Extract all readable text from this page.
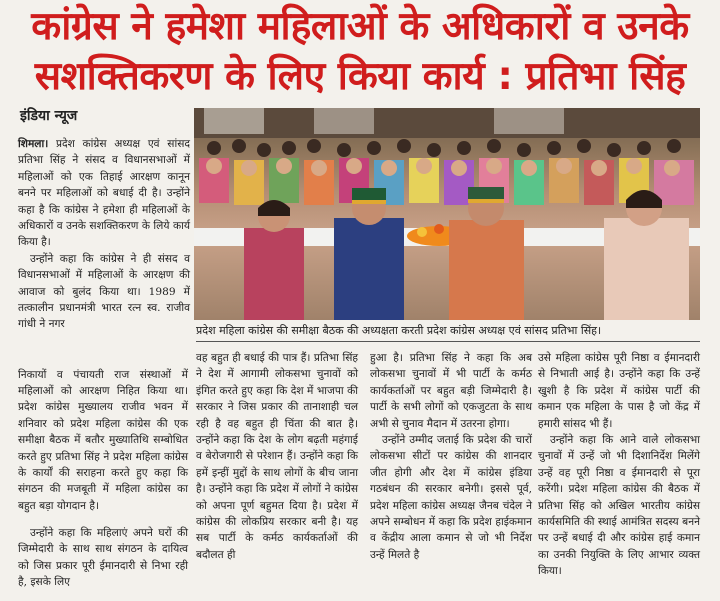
कांग्रेस ने हमेशा महिलाओं के अधिकारों व उनके
सशक्तिकरण के लिए किया कार्य : प्रतिभा सिंह
इंडिया न्यूज

शिमला। प्रदेश कांग्रेस अध्यक्ष एवं सांसद प्रतिभा सिंह ने संसद व विधानसभाओं में महिलाओं को एक तिहाई आरक्षण कानून बनने पर महिलाओं को बधाई दी है। उन्होंने कहा है कि कांग्रेस ने हमेशा ही महिलाओं के अधिकारों व उनके सशक्तिकरण के लिये कार्य किया है।

उन्होंने कहा कि कांग्रेस ने ही संसद व विधानसभाओं में महिलाओं के आरक्षण की आवाज को बुलंद किया था। 1989 में तत्कालीन प्रधानमंत्री भारत रत्न स्व. राजीव गांधी ने नगर	प्रदेश महिला कांग्रेस की समीक्षा बैठक की अध्यक्षता करती प्रदेश कांग्रेस अध्यक्ष एवं सांसद प्रतिभा सिंह।

निकायों व पंचायती राज संस्थाओं में महिलाओं को आरक्षण निहित किया था। प्रदेश कांग्रेस मुख्यालय राजीव भवन में शनिवार को प्रदेश महिला कांग्रेस की एक समीक्षा बैठक में बतौर मुख्यातिथि सम्बोधित करते हुए प्रतिभा सिंह ने प्रदेश महिला कांग्रेस के कार्यों की सराहना करते हुए कहा कि संगठन की मजबूती में महिला कांग्रेस का बहुत बड़ा योगदान है।

उन्होंने कहा कि महिलाएं अपने घरों की जिम्मेदारी के साथ साथ संगठन के दायित्व को जिस प्रकार पूरी ईमानदारी से निभा रही है, इसके लिए

वह बहुत ही बधाई की पात्र हैं। प्रतिभा सिंह ने देश में आगामी लोकसभा चुनावों को इंगित करते हुए कहा कि देश में भाजपा की सरकार ने जिस प्रकार की तानाशाही चल रही है वह बहुत ही चिंता की बात है। उन्होंने कहा कि देश के लोग बढ़ती महंगाई व बेरोजगारी से परेशान हैं। उन्होंने कहा कि हमें इन्हीं मुद्दों के साथ लोगों के बीच जाना है। उन्होंने कहा कि प्रदेश में लोगों ने कांग्रेस को अपना पूर्ण बहुमत दिया है। प्रदेश में कांग्रेस की लोकप्रिय सरकार बनी है। यह सब पार्टी के कर्मठ कार्यकर्ताओं की बदौलत ही

हुआ है। प्रतिभा सिंह ने कहा कि अब लोकसभा चुनावों में भी पार्टी के कर्मठ कार्यकर्ताओं पर बहुत बड़ी जिम्मेदारी है। पार्टी के सभी लोगों को एकजुटता के साथ अभी से चुनाव मैदान में उतरना होगा।

उन्होंने उम्मीद जताई कि प्रदेश की चारों लोकसभा सीटों पर कांग्रेस की शानदार जीत होगी और देश में कांग्रेस इंडिया गठबंधन की सरकार बनेगी। इससे पूर्व, प्रदेश महिला कांग्रेस अध्यक्ष जैनब चंदेल ने अपने सम्बोधन में कहा कि प्रदेश हाईकमान व केंद्रीय आला कमान से जो भी निर्देश उन्हें मिलते है

उसे महिला कांग्रेस पूरी निष्ठा व ईमानदारी से निभाती आई है। उन्होंने कहा कि उन्हें खुशी है कि प्रदेश में कांग्रेस पार्टी की कमान एक महिला के पास है जो केंद्र में हमारी सांसद भी हैं।

उन्होंने कहा कि आने वाले लोकसभा चुनावों में उन्हें जो भी दिशानिर्देश मिलेंगे उन्हें वह पूरी निष्ठा व ईमानदारी से पूरा करेंगी। प्रदेश महिला कांग्रेस की बैठक में प्रतिभा सिंह को अखिल भारतीय कांग्रेस कार्यसमिति की स्थाई आमंत्रित सदस्य बनने पर उन्हें बधाई दी और कांग्रेस हाई कमान का उनकी नियुक्ति के लिए आभार व्यक्त किया।
